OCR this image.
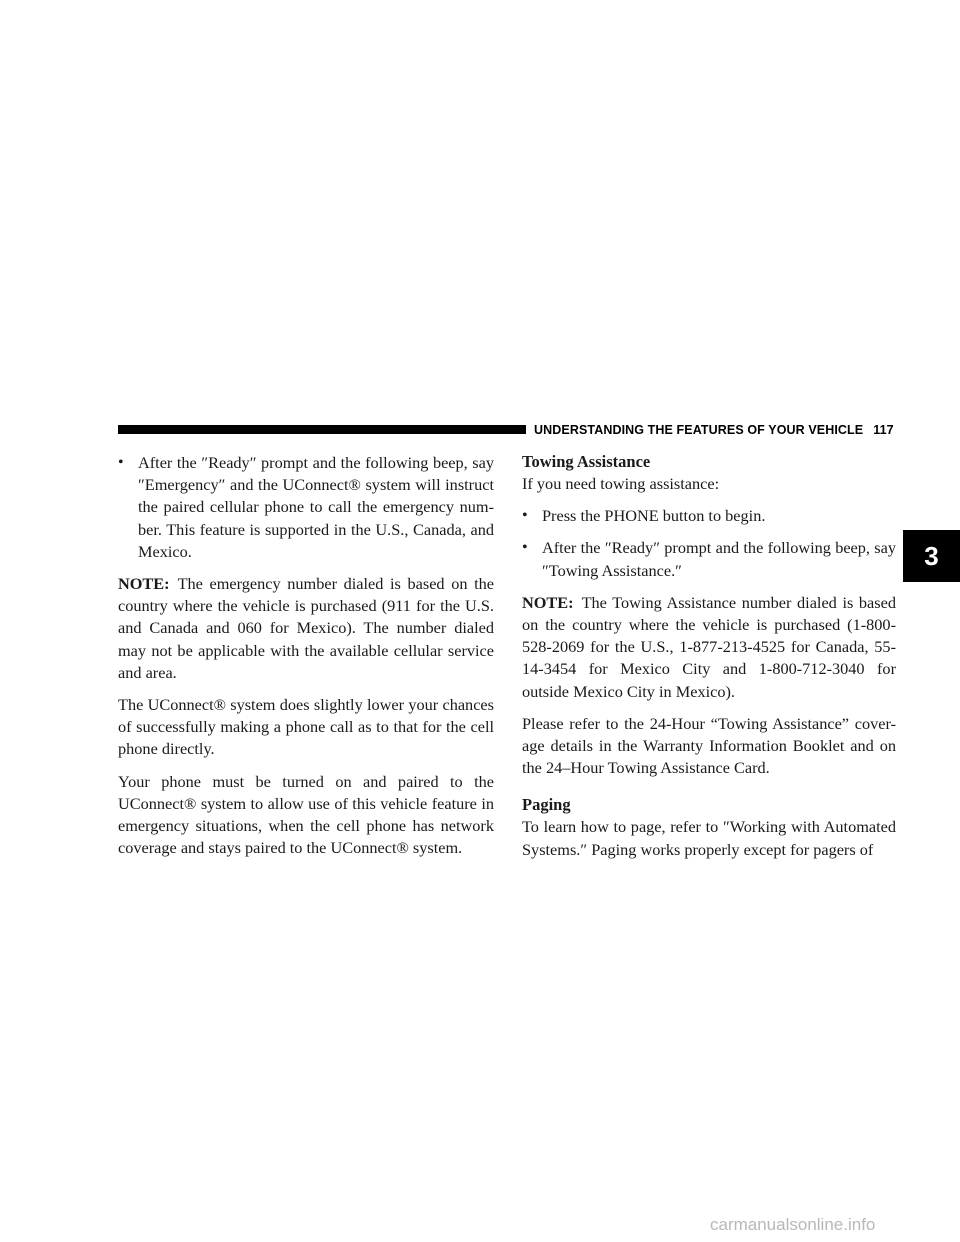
UNDERSTANDING THE FEATURES OF YOUR VEHICLE 117
3
• After the ″Ready″ prompt and the following beep, say ″Emergency″ and the UConnect® system will instruct the paired cellular phone to call the emergency num-ber. This feature is supported in the U.S., Canada, and Mexico.

NOTE: The emergency number dialed is based on the country where the vehicle is purchased (911 for the U.S. and Canada and 060 for Mexico). The number dialed may not be applicable with the available cellular service and area.

The UConnect® system does slightly lower your chances of successfully making a phone call as to that for the cell phone directly.

Your phone must be turned on and paired to the UConnect® system to allow use of this vehicle feature in emergency situations, when the cell phone has network coverage and stays paired to the UConnect® system.

Towing Assistance

If you need towing assistance:

• Press the PHONE button to begin.
• After the ″Ready″ prompt and the following beep, say ″Towing Assistance.″

NOTE: The Towing Assistance number dialed is based on the country where the vehicle is purchased (1-800-528-2069 for the U.S., 1-877-213-4525 for Canada, 55-14-3454 for Mexico City and 1-800-712-3040 for outside Mexico City in Mexico).

Please refer to the 24-Hour “Towing Assistance” cover-age details in the Warranty Information Booklet and on the 24–Hour Towing Assistance Card.

Paging

To learn how to page, refer to ″Working with Automated Systems.″ Paging works properly except for pagers of

carmanualsonline.info
